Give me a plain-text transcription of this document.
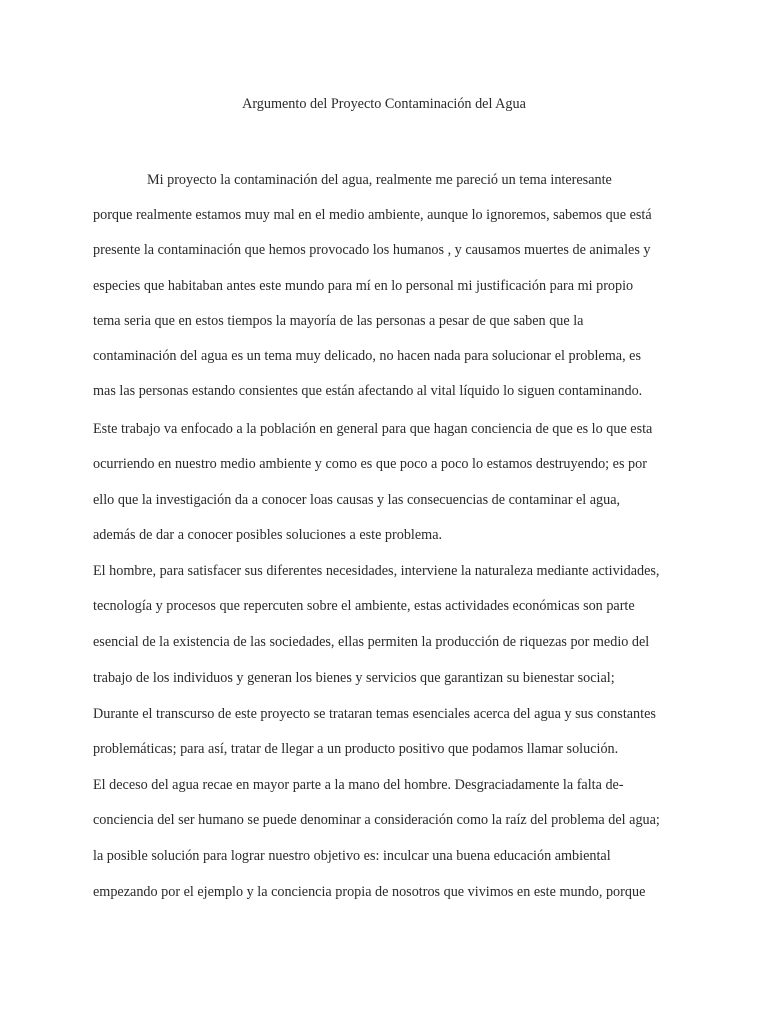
Argumento del Proyecto Contaminación del Agua

Mi proyecto la contaminación del agua, realmente me pareció un tema interesante

porque realmente estamos muy mal en el medio ambiente, aunque lo ignoremos, sabemos que está

presente la contaminación que hemos provocado los humanos , y causamos muertes de animales y

especies que habitaban antes este mundo para mí en lo personal mi justificación para mi propio

tema seria que en estos tiempos la mayoría de las personas a pesar de que saben que la

contaminación del agua es un tema muy delicado, no hacen nada para solucionar el problema, es

mas las personas estando consientes que están afectando al vital líquido lo siguen contaminando.

Este trabajo va enfocado a la población en general para que hagan conciencia de que es lo que esta

ocurriendo en nuestro medio ambiente y como es que poco a poco lo estamos destruyendo; es por

ello que la investigación da a conocer loas causas y las consecuencias de contaminar el agua,

además de dar a conocer posibles soluciones a este problema.

El hombre, para satisfacer sus diferentes necesidades, interviene la naturaleza mediante actividades,

tecnología y procesos que repercuten sobre el ambiente, estas actividades económicas son parte

esencial de la existencia de las sociedades, ellas permiten la producción de riquezas por medio del

trabajo de los individuos y generan los bienes y servicios que garantizan su bienestar social;

Durante el transcurso de este proyecto se trataran temas esenciales acerca del agua y sus constantes

problemáticas; para así, tratar de llegar a un producto positivo que podamos llamar solución.

El deceso del agua recae en mayor parte a la mano del hombre. Desgraciadamente la falta de-

conciencia del ser humano se puede denominar a consideración como la raíz del problema del agua;

la posible solución para lograr nuestro objetivo es: inculcar una buena educación ambiental

empezando por el ejemplo y la conciencia propia de nosotros que vivimos en este mundo, porque
